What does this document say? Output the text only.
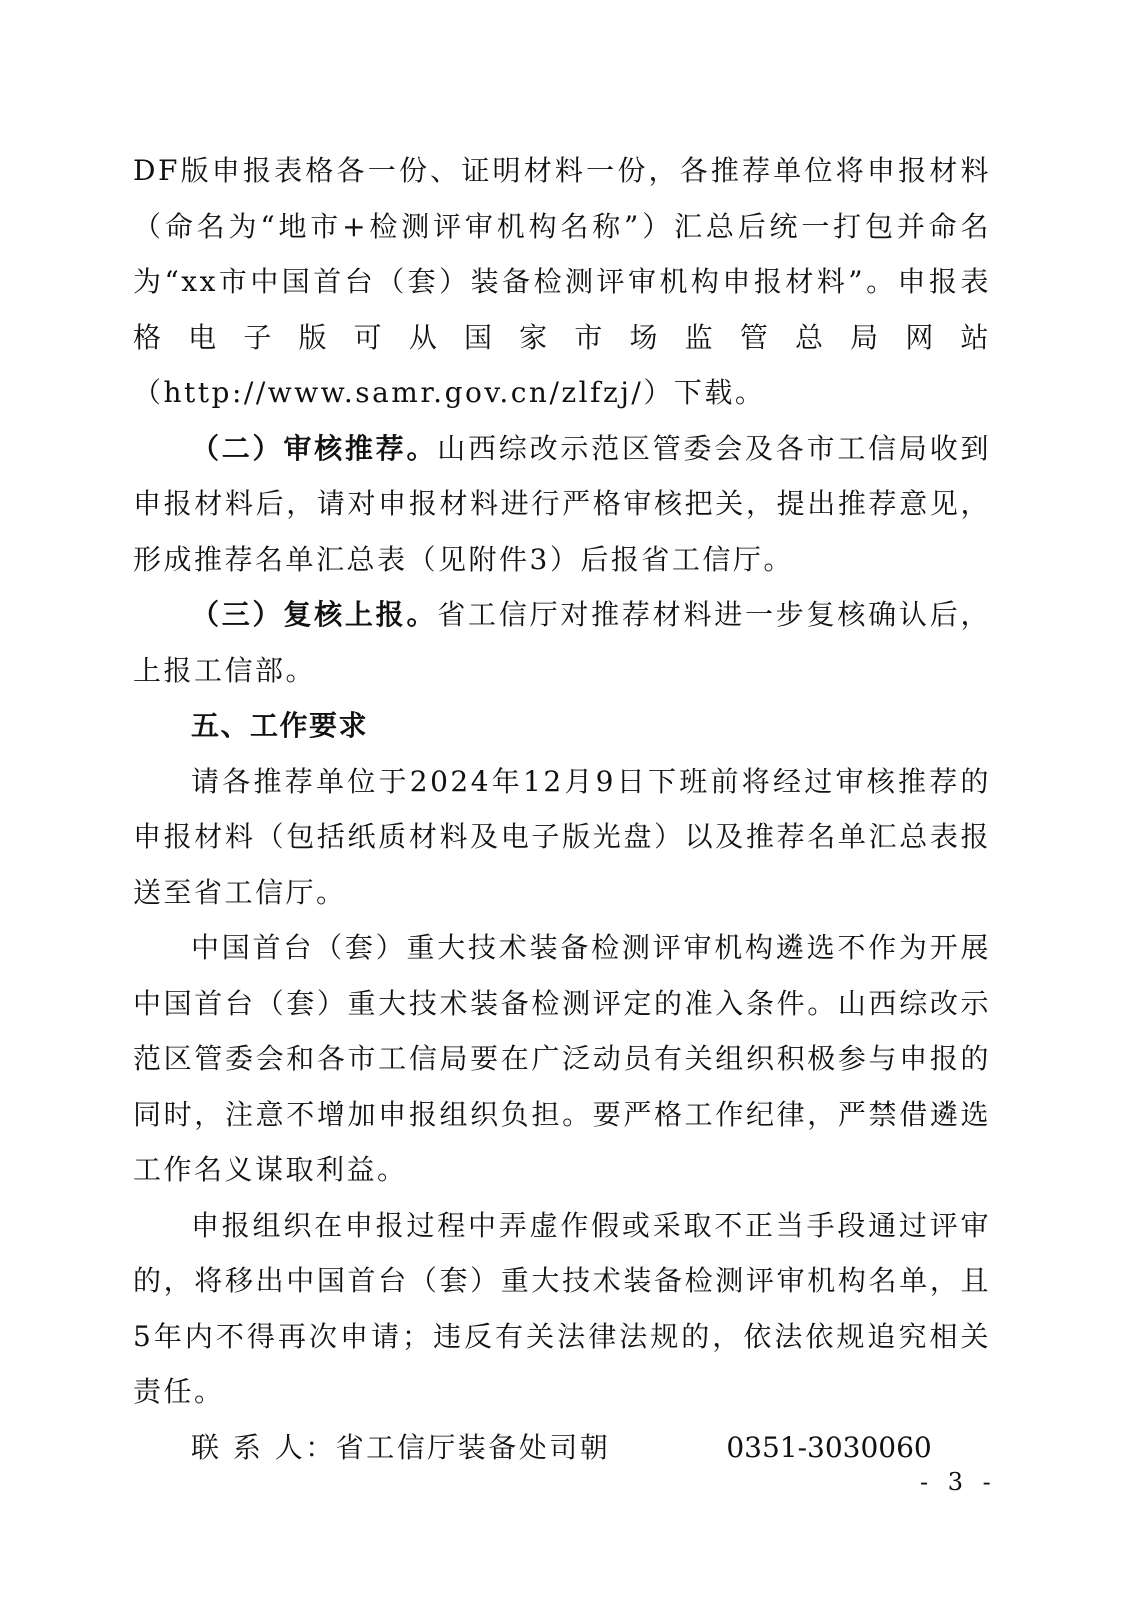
DF版申报表格各一份、证明材料一份，各推荐单位将申报材料（命名为“地市+检测评审机构名称”）汇总后统一打包并命名为“xx市中国首台（套）装备检测评审机构申报材料”。申报表格电子版可从国家市场监管总局网站（http://www.samr.gov.cn/zlfzj/）下载。

（二）审核推荐。山西综改示范区管委会及各市工信局收到申报材料后，请对申报材料进行严格审核把关，提出推荐意见，形成推荐名单汇总表（见附件3）后报省工信厅。

（三）复核上报。省工信厅对推荐材料进一步复核确认后，上报工信部。

五、工作要求

请各推荐单位于2024年12月9日下班前将经过审核推荐的申报材料（包括纸质材料及电子版光盘）以及推荐名单汇总表报送至省工信厅。

中国首台（套）重大技术装备检测评审机构遴选不作为开展中国首台（套）重大技术装备检测评定的准入条件。山西综改示范区管委会和各市工信局要在广泛动员有关组织积极参与申报的同时，注意不增加申报组织负担。要严格工作纪律，严禁借遴选工作名义谋取利益。

申报组织在申报过程中弄虚作假或采取不正当手段通过评审的，将移出中国首台（套）重大技术装备检测评审机构名单，且5年内不得再次申请；违反有关法律法规的，依法依规追究相关责任。

联 系 人：省工信厅装备处司朝	0351-3030060

- 3 -
